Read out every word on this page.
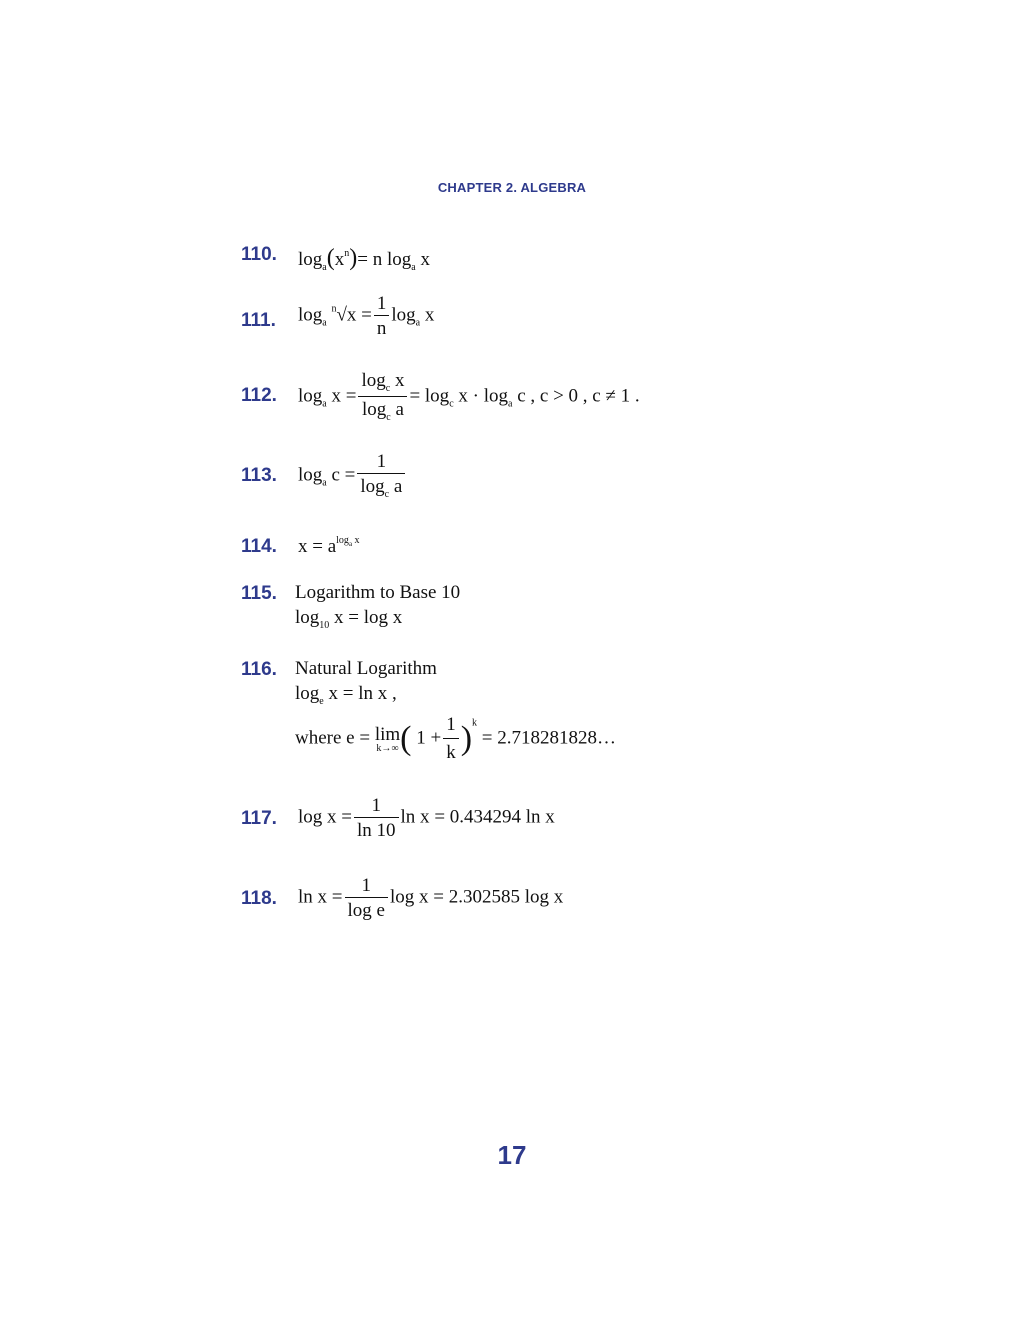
CHAPTER 2. ALGEBRA
110. $\log_a(x^n)= n$ $\log_a x$
111. $\log_a ^n√x = \frac{1}{n} \log_a x$
112. $\log_a x = \frac{\log_c x}{\log_c a} = \log_c x \cdot \log_a c$ , c > 0 , c ≠ 1 .
113. $\log_a c = \frac{1}{\log_c a}$
114. $x = a^{log_a x}$
115. Logarithm to Base 10
$\log_{10} x = \log x$
116. Natural Logarithm
$\log_e x = \ln x$ ,
where e = lim
k→∞ ( $1 + \frac{1}{k} )^k$ = 2.718281828…
117. $\log x = \frac{1}{\ln 10}$ ln x = 0.434294 ln x
118. $\ln x = \frac{1}{\text{log e}}$ log x = 2.302585 log x
17
